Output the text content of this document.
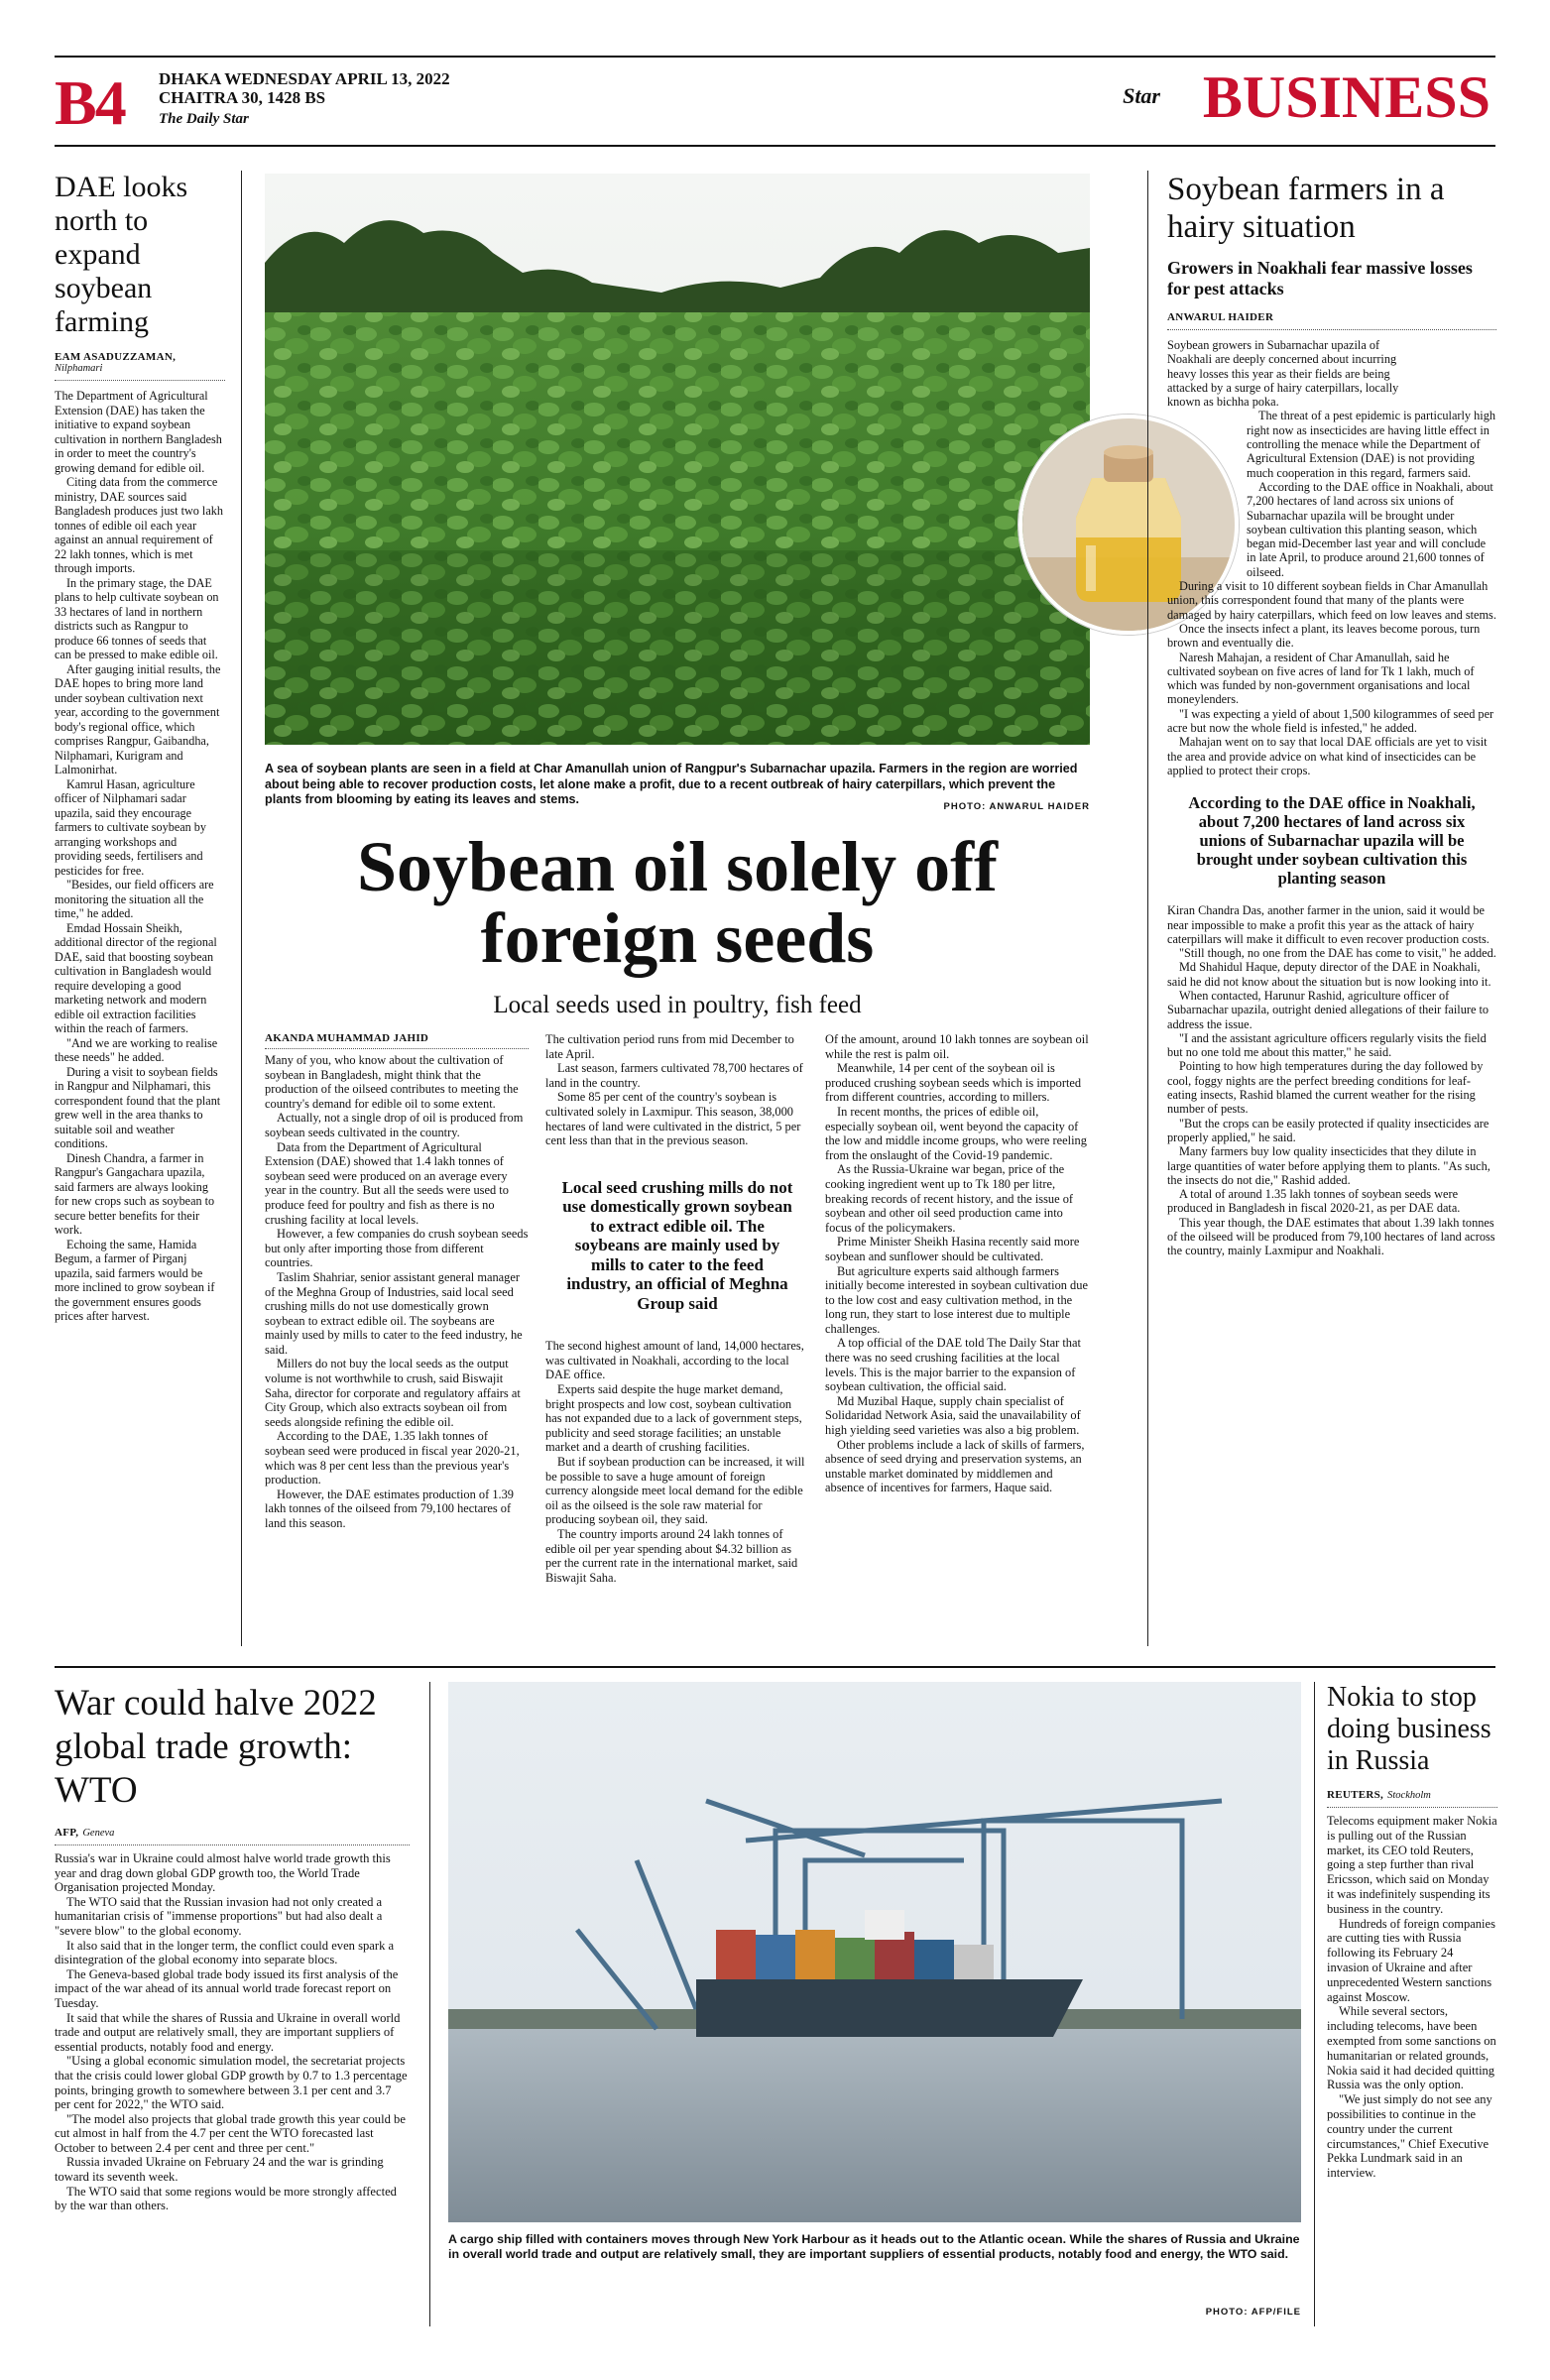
B4 DHAKA WEDNESDAY APRIL 13, 2022
CHAITRA 30, 1428 BS
The Daily Star
Star BUSINESS
DAE looks north to expand soybean farming
EAM ASADUZZAMAN,
Nilphamari

The Department of Agricultural Extension (DAE) has taken the initiative to expand soybean cultivation in northern Bangladesh in order to meet the country's growing demand for edible oil.

Citing data from the commerce ministry, DAE sources said Bangladesh produces just two lakh tonnes of edible oil each year against an annual requirement of 22 lakh tonnes, which is met through imports.

In the primary stage, the DAE plans to help cultivate soybean on 33 hectares of land in northern districts such as Rangpur to produce 66 tonnes of seeds that can be pressed to make edible oil.

After gauging initial results, the DAE hopes to bring more land under soybean cultivation next year, according to the government body's regional office, which comprises Rangpur, Gaibandha, Nilphamari, Kurigram and Lalmonirhat.

Kamrul Hasan, agriculture officer of Nilphamari sadar upazila, said they encourage farmers to cultivate soybean by arranging workshops and providing seeds, fertilisers and pesticides for free.

"Besides, our field officers are monitoring the situation all the time," he added.

Emdad Hossain Sheikh, additional director of the regional DAE, said that boosting soybean cultivation in Bangladesh would require developing a good marketing network and modern edible oil extraction facilities within the reach of farmers.

"And we are working to realise these needs" he added.

During a visit to soybean fields in Rangpur and Nilphamari, this correspondent found that the plant grew well in the area thanks to suitable soil and weather conditions.

Dinesh Chandra, a farmer in Rangpur's Gangachara upazila, said farmers are always looking for new crops such as soybean to secure better benefits for their work.

Echoing the same, Hamida Begum, a farmer of Pirganj upazila, said farmers would be more inclined to grow soybean if the government ensures goods prices after harvest.

A sea of soybean plants are seen in a field at Char Amanullah union of Rangpur's Subarnachar upazila. Farmers in the region are worried about being able to recover production costs, let alone make a profit, due to a recent outbreak of hairy caterpillars, which prevent the plants from blooming by eating its leaves and stems.
PHOTO: ANWARUL HAIDER
Soybean oil solely off
foreign seeds
Local seeds used in poultry, fish feed
AKANDA MUHAMMAD JAHID

Many of you, who know about the cultivation of soybean in Bangladesh, might think that the production of the oilseed contributes to meeting the country's demand for edible oil to some extent.

Actually, not a single drop of oil is produced from soybean seeds cultivated in the country.

Data from the Department of Agricultural Extension (DAE) showed that 1.4 lakh tonnes of soybean seed were produced on an average every year in the country. But all the seeds were used to produce feed for poultry and fish as there is no crushing facility at local levels.

However, a few companies do crush soybean seeds but only after importing those from different countries.

Taslim Shahriar, senior assistant general manager of the Meghna Group of Industries, said local seed crushing mills do not use domestically grown soybean to extract edible oil. The soybeans are mainly used by mills to cater to the feed industry, he said.

Millers do not buy the local seeds as the output volume is not worthwhile to crush, said Biswajit Saha, director for corporate and regulatory affairs at City Group, which also extracts soybean oil from seeds alongside refining the edible oil.

According to the DAE, 1.35 lakh tonnes of soybean seed were produced in fiscal year 2020-21, which was 8 per cent less than the previous year's production.

However, the DAE estimates production of 1.39 lakh tonnes of the oilseed from 79,100 hectares of land this season.

The cultivation period runs from mid December to late April.

Last season, farmers cultivated 78,700 hectares of land in the country.

Some 85 per cent of the country's soybean is cultivated solely in Laxmipur. This season, 38,000 hectares of land were cultivated in the district, 5 per cent less than that in the previous season.

Local seed crushing mills do not use domestically grown soybean to extract edible oil. The soybeans are mainly used by mills to cater to the feed industry, an official of Meghna Group said

The second highest amount of land, 14,000 hectares, was cultivated in Noakhali, according to the local DAE office.

Experts said despite the huge market demand, bright prospects and low cost, soybean cultivation has not expanded due to a lack of government steps, publicity and seed storage facilities; an unstable market and a dearth of crushing facilities.

But if soybean production can be increased, it will be possible to save a huge amount of foreign currency alongside meet local demand for the edible oil as the oilseed is the sole raw material for producing soybean oil, they said.

The country imports around 24 lakh tonnes of edible oil per year spending about $4.32 billion as per the current rate in the international market, said Biswajit Saha.

Of the amount, around 10 lakh tonnes are soybean oil while the rest is palm oil.

Meanwhile, 14 per cent of the soybean oil is produced crushing soybean seeds which is imported from different countries, according to millers.

In recent months, the prices of edible oil, especially soybean oil, went beyond the capacity of the low and middle income groups, who were reeling from the onslaught of the Covid-19 pandemic.

As the Russia-Ukraine war began, price of the cooking ingredient went up to Tk 180 per litre, breaking records of recent history, and the issue of soybean and other oil seed production came into focus of the policymakers.

Prime Minister Sheikh Hasina recently said more soybean and sunflower should be cultivated.

But agriculture experts said although farmers initially become interested in soybean cultivation due to the low cost and easy cultivation method, in the long run, they start to lose interest due to multiple challenges.

A top official of the DAE told The Daily Star that there was no seed crushing facilities at the local levels. This is the major barrier to the expansion of soybean cultivation, the official said.

Md Muzibal Haque, supply chain specialist of Solidaridad Network Asia, said the unavailability of high yielding seed varieties was also a big problem.

Other problems include a lack of skills of farmers, absence of seed drying and preservation systems, an unstable market dominated by middlemen and absence of incentives for farmers, Haque said.

Soybean farmers in a hairy situation
Growers in Noakhali fear massive losses for pest attacks
ANWARUL HAIDER

Soybean growers in Subarnachar upazila of Noakhali are deeply concerned about incurring heavy losses this year as their fields are being attacked by a surge of hairy caterpillars, locally known as bichha poka.

The threat of a pest epidemic is particularly high right now as insecticides are having little effect in controlling the menace while the Department of Agricultural Extension (DAE) is not providing much cooperation in this regard, farmers said.

According to the DAE office in Noakhali, about 7,200 hectares of land across six unions of Subarnachar upazila will be brought under soybean cultivation this planting season, which began mid-December last year and will conclude in late April, to produce around 21,600 tonnes of oilseed.

During a visit to 10 different soybean fields in Char Amanullah union, this correspondent found that many of the plants were damaged by hairy caterpillars, which feed on low leaves and stems.

Once the insects infect a plant, its leaves become porous, turn brown and eventually die.

Naresh Mahajan, a resident of Char Amanullah, said he cultivated soybean on five acres of land for Tk 1 lakh, much of which was funded by non-government organisations and local moneylenders.

"I was expecting a yield of about 1,500 kilogrammes of seed per acre but now the whole field is infested," he added.

Mahajan went on to say that local DAE officials are yet to visit the area and provide advice on what kind of insecticides can be applied to protect their crops.

According to the DAE office in Noakhali, about 7,200 hectares of land across six unions of Subarnachar upazila will be brought under soybean cultivation this planting season

Kiran Chandra Das, another farmer in the union, said it would be near impossible to make a profit this year as the attack of hairy caterpillars will make it difficult to even recover production costs.

"Still though, no one from the DAE has come to visit," he added.

Md Shahidul Haque, deputy director of the DAE in Noakhali, said he did not know about the situation but is now looking into it.

When contacted, Harunur Rashid, agriculture officer of Subarnachar upazila, outright denied allegations of their failure to address the issue.

"I and the assistant agriculture officers regularly visits the field but no one told me about this matter," he said.

Pointing to how high temperatures during the day followed by cool, foggy nights are the perfect breeding conditions for leaf-eating insects, Rashid blamed the current weather for the rising number of pests.

"But the crops can be easily protected if quality insecticides are properly applied," he said.

Many farmers buy low quality insecticides that they dilute in large quantities of water before applying them to plants. "As such, the insects do not die," Rashid added.

A total of around 1.35 lakh tonnes of soybean seeds were produced in Bangladesh in fiscal 2020-21, as per DAE data.

This year though, the DAE estimates that about 1.39 lakh tonnes of the oilseed will be produced from 79,100 hectares of land across the country, mainly Laxmipur and Noakhali.

War could halve 2022 global trade growth: WTO
AFP, Geneva

Russia's war in Ukraine could almost halve world trade growth this year and drag down global GDP growth too, the World Trade Organisation projected Monday.

The WTO said that the Russian invasion had not only created a humanitarian crisis of "immense proportions" but had also dealt a "severe blow" to the global economy.

It also said that in the longer term, the conflict could even spark a disintegration of the global economy into separate blocs.

The Geneva-based global trade body issued its first analysis of the impact of the war ahead of its annual world trade forecast report on Tuesday.

It said that while the shares of Russia and Ukraine in overall world trade and output are relatively small, they are important suppliers of essential products, notably food and energy.

"Using a global economic simulation model, the secretariat projects that the crisis could lower global GDP growth by 0.7 to 1.3 percentage points, bringing growth to somewhere between 3.1 per cent and 3.7 per cent for 2022," the WTO said.

"The model also projects that global trade growth this year could be cut almost in half from the 4.7 per cent the WTO forecasted last October to between 2.4 per cent and three per cent."

Russia invaded Ukraine on February 24 and the war is grinding toward its seventh week.

The WTO said that some regions would be more strongly affected by the war than others.

A cargo ship filled with containers moves through New York Harbour as it heads out to the Atlantic ocean. While the shares of Russia and Ukraine in overall world trade and output are relatively small, they are important suppliers of essential products, notably food and energy, the WTO said.
PHOTO: AFP/FILE
Nokia to stop doing business in Russia
REUTERS, Stockholm

Telecoms equipment maker Nokia is pulling out of the Russian market, its CEO told Reuters, going a step further than rival Ericsson, which said on Monday it was indefinitely suspending its business in the country.

Hundreds of foreign companies are cutting ties with Russia following its February 24 invasion of Ukraine and after unprecedented Western sanctions against Moscow.

While several sectors, including telecoms, have been exempted from some sanctions on humanitarian or related grounds, Nokia said it had decided quitting Russia was the only option.

"We just simply do not see any possibilities to continue in the country under the current circumstances," Chief Executive Pekka Lundmark said in an interview.
